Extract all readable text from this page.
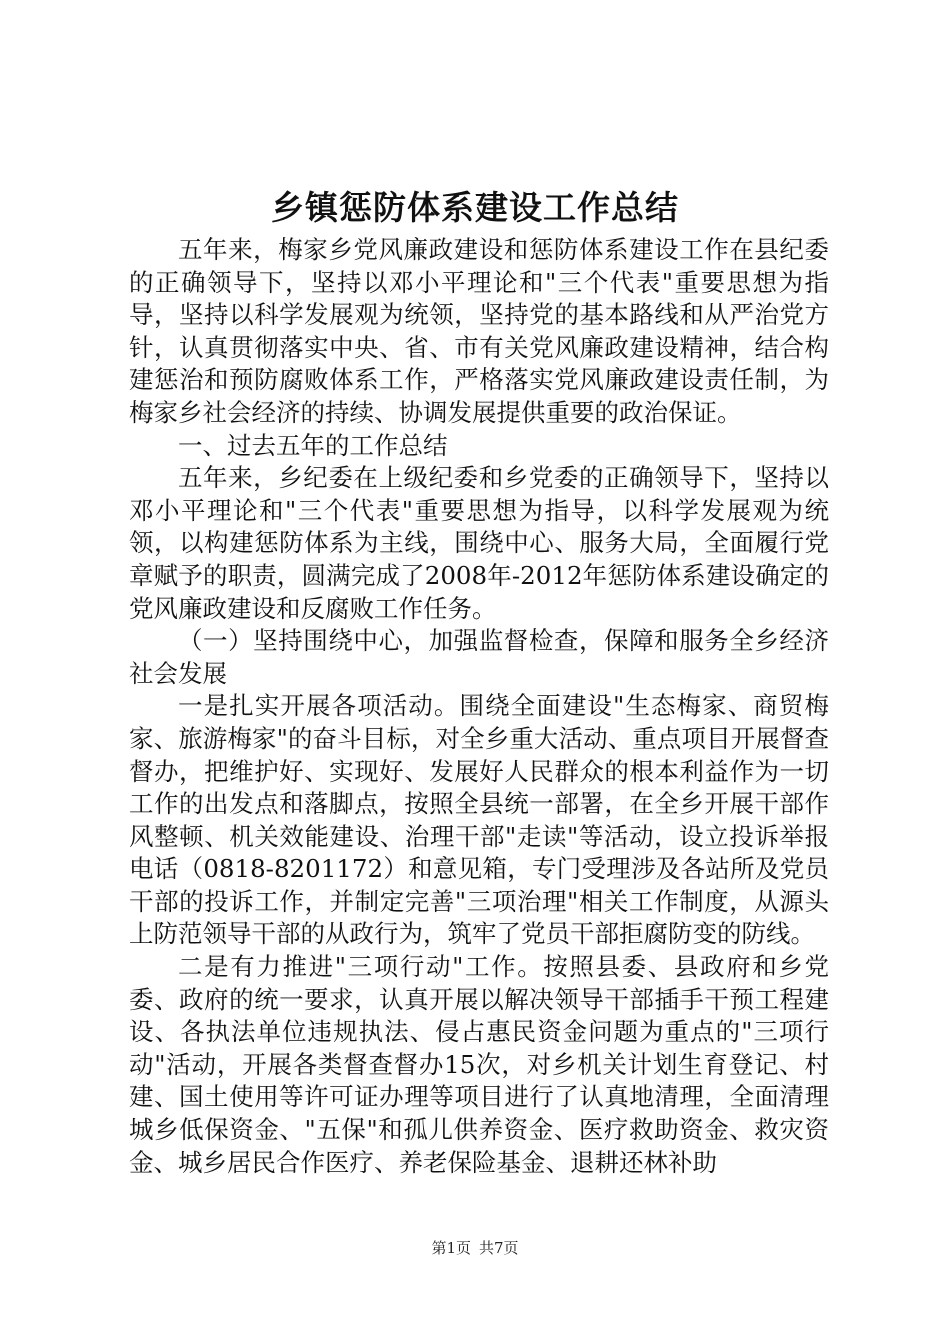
乡镇惩防体系建设工作总结

五年来，梅家乡党风廉政建设和惩防体系建设工作在县纪委的正确领导下，坚持以邓小平理论和"三个代表"重要思想为指导，坚持以科学发展观为统领，坚持党的基本路线和从严治党方针，认真贯彻落实中央、省、市有关党风廉政建设精神，结合构建惩治和预防腐败体系工作，严格落实党风廉政建设责任制，为梅家乡社会经济的持续、协调发展提供重要的政治保证。

一、过去五年的工作总结

五年来，乡纪委在上级纪委和乡党委的正确领导下，坚持以邓小平理论和"三个代表"重要思想为指导，以科学发展观为统领，以构建惩防体系为主线，围绕中心、服务大局，全面履行党章赋予的职责，圆满完成了2008年-2012年惩防体系建设确定的党风廉政建设和反腐败工作任务。

（一）坚持围绕中心，加强监督检查，保障和服务全乡经济社会发展

一是扎实开展各项活动。围绕全面建设"生态梅家、商贸梅家、旅游梅家"的奋斗目标，对全乡重大活动、重点项目开展督查督办，把维护好、实现好、发展好人民群众的根本利益作为一切工作的出发点和落脚点，按照全县统一部署，在全乡开展干部作风整顿、机关效能建设、治理干部"走读"等活动，设立投诉举报电话（0818-8201172）和意见箱，专门受理涉及各站所及党员干部的投诉工作，并制定完善"三项治理"相关工作制度，从源头上防范领导干部的从政行为，筑牢了党员干部拒腐防变的防线。

二是有力推进"三项行动"工作。按照县委、县政府和乡党委、政府的统一要求，认真开展以解决领导干部插手干预工程建设、各执法单位违规执法、侵占惠民资金问题为重点的"三项行动"活动，开展各类督查督办15次，对乡机关计划生育登记、村建、国土使用等许可证办理等项目进行了认真地清理，全面清理城乡低保资金、"五保"和孤儿供养资金、医疗救助资金、救灾资金、城乡居民合作医疗、养老保险基金、退耕还林补助

第1页 共7页
